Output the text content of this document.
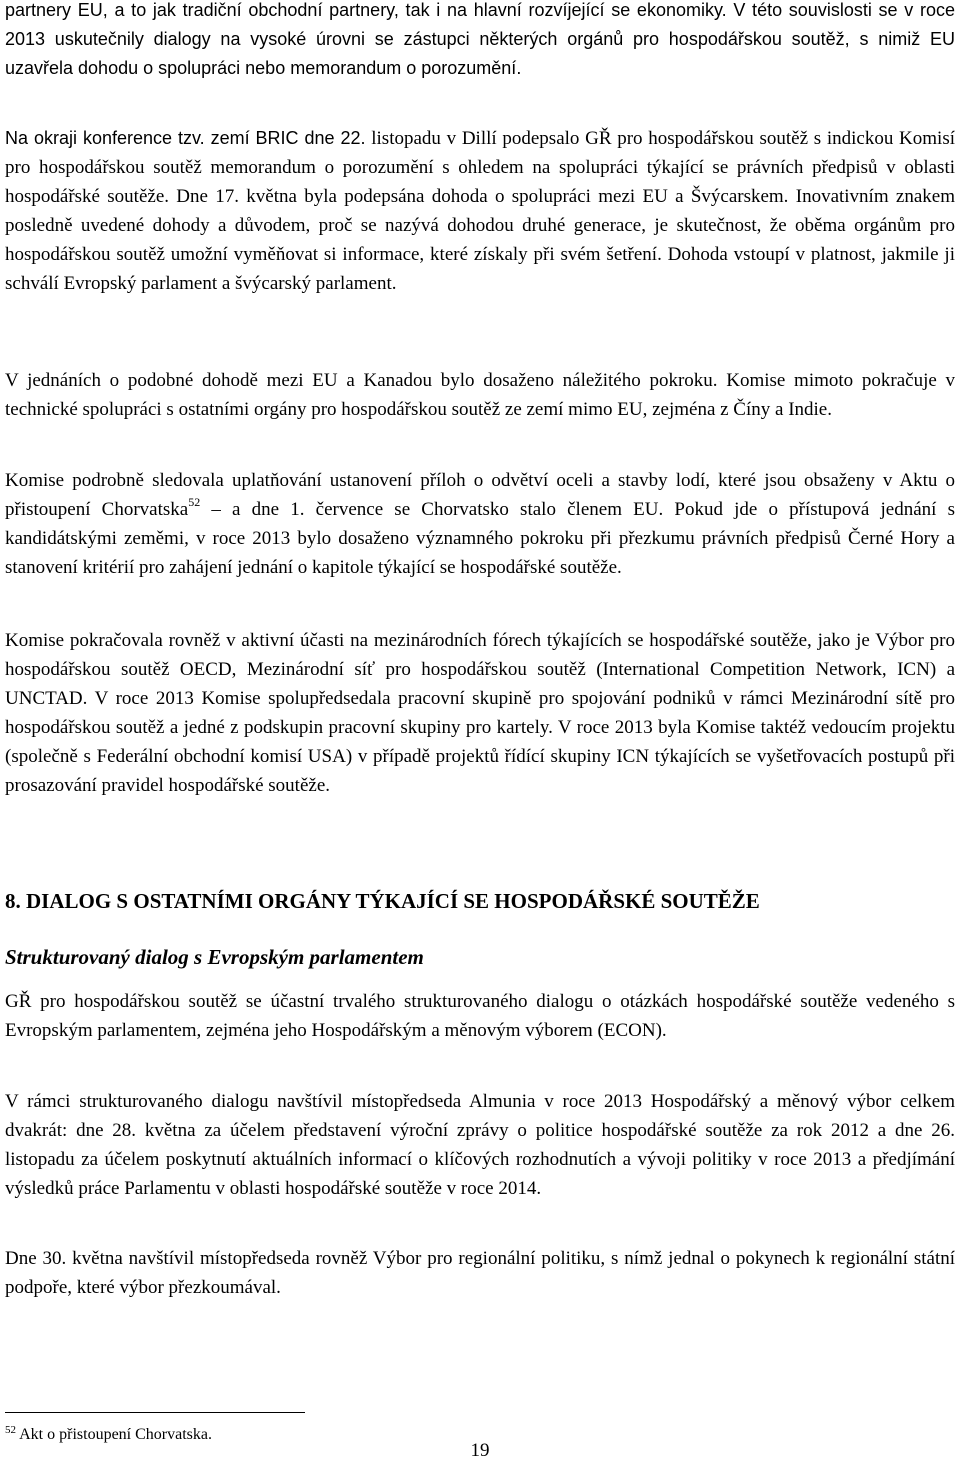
partnery EU, a to jak tradiční obchodní partnery, tak i na hlavní rozvíjející se ekonomiky. V této souvislosti se v roce 2013 uskutečnily dialogy na vysoké úrovni se zástupci některých orgánů pro hospodářskou soutěž, s nimiž EU uzavřela dohodu o spolupráci nebo memorandum o porozumění.

Na okraji konference tzv. zemí BRIC dne 22. listopadu v Dillí podepsalo GŘ pro hospodářskou soutěž s indickou Komisí pro hospodářskou soutěž memorandum o porozumění s ohledem na spolupráci týkající se právních předpisů v oblasti hospodářské soutěže. Dne 17. května byla podepsána dohoda o spolupráci mezi EU a Švýcarskem. Inovativním znakem posledně uvedené dohody a důvodem, proč se nazývá dohodou druhé generace, je skutečnost, že oběma orgánům pro hospodářskou soutěž umožní vyměňovat si informace, které získaly při svém šetření. Dohoda vstoupí v platnost, jakmile ji schválí Evropský parlament a švýcarský parlament.

V jednáních o podobné dohodě mezi EU a Kanadou bylo dosaženo náležitého pokroku. Komise mimoto pokračuje v technické spolupráci s ostatními orgány pro hospodářskou soutěž ze zemí mimo EU, zejména z Číny a Indie.

Komise podrobně sledovala uplatňování ustanovení příloh o odvětví oceli a stavby lodí, které jsou obsaženy v Aktu o přistoupení Chorvatska$^{52}$ – a dne 1. července se Chorvatsko stalo členem EU. Pokud jde o přístupová jednání s kandidátskými zeměmi, v roce 2013 bylo dosaženo významného pokroku při přezkumu právních předpisů Černé Hory a stanovení kritérií pro zahájení jednání o kapitole týkající se hospodářské soutěže.

Komise pokračovala rovněž v aktivní účasti na mezinárodních fórech týkajících se hospodářské soutěže, jako je Výbor pro hospodářskou soutěž OECD, Mezinárodní síť pro hospodářskou soutěž (International Competition Network, ICN) a UNCTAD. V roce 2013 Komise spolupředsedala pracovní skupině pro spojování podniků v rámci Mezinárodní sítě pro hospodářskou soutěž a jedné z podskupin pracovní skupiny pro kartely. V roce 2013 byla Komise taktéž vedoucím projektu (společně s Federální obchodní komisí USA) v případě projektů řídící skupiny ICN týkajících se vyšetřovacích postupů při prosazování pravidel hospodářské soutěže.

8. DIALOG S OSTATNÍMI ORGÁNY TÝKAJÍCÍ SE HOSPODÁŘSKÉ SOUTĚŽE
Strukturovaný dialog s Evropským parlamentem

GŘ pro hospodářskou soutěž se účastní trvalého strukturovaného dialogu o otázkách hospodářské soutěže vedeného s Evropským parlamentem, zejména jeho Hospodářským a měnovým výborem (ECON).

V rámci strukturovaného dialogu navštívil místopředseda Almunia v roce 2013 Hospodářský a měnový výbor celkem dvakrát: dne 28. května za účelem představení výroční zprávy o politice hospodářské soutěže za rok 2012 a dne 26. listopadu za účelem poskytnutí aktuálních informací o klíčových rozhodnutích a vývoji politiky v roce 2013 a předjímání výsledků práce Parlamentu v oblasti hospodářské soutěže v roce 2014.

Dne 30. května navštívil místopředseda rovněž Výbor pro regionální politiku, s nímž jednal o pokynech k regionální státní podpoře, které výbor přezkoumával.

$^{52}$ Akt o přistoupení Chorvatska.

19
